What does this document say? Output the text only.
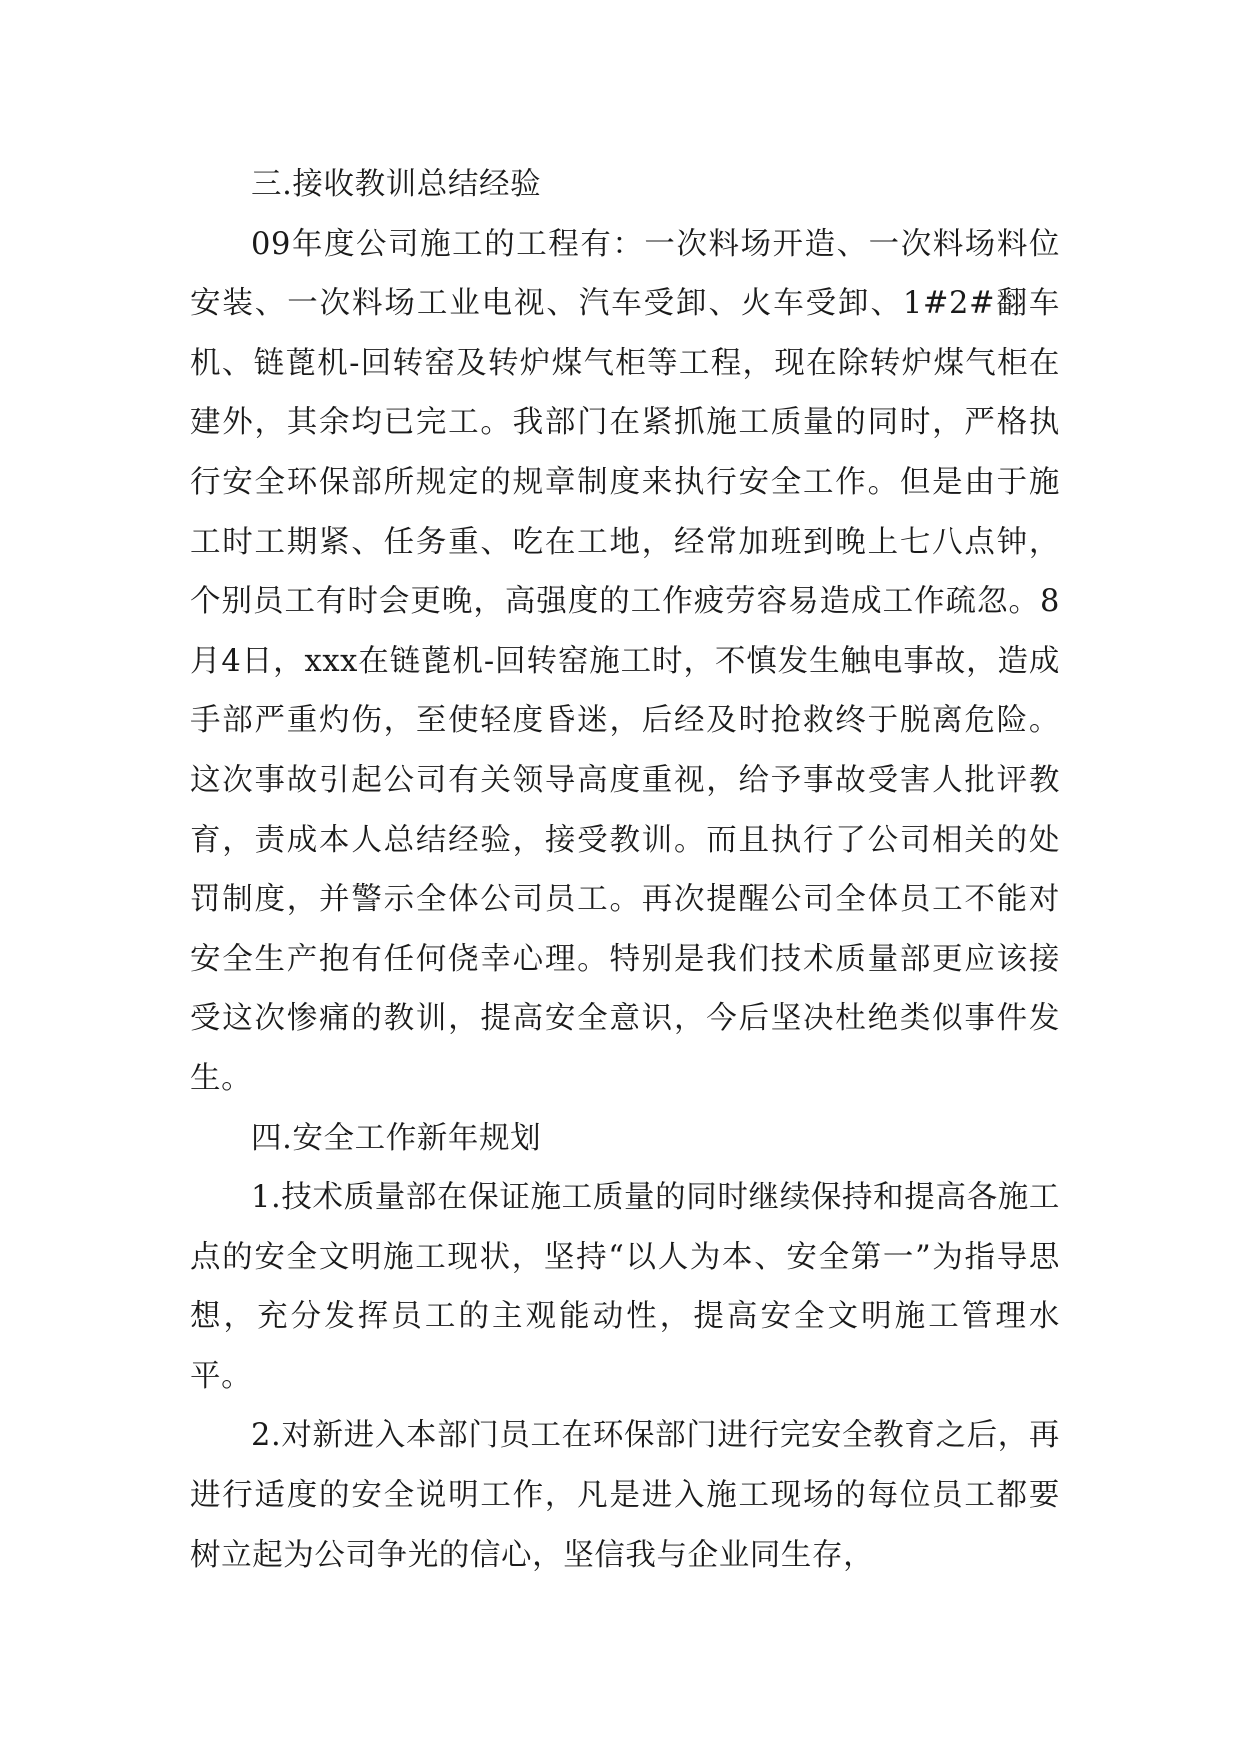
三.接收教训总结经验

09年度公司施工的工程有：一次料场开造、一次料场料位安装、一次料场工业电视、汽车受卸、火车受卸、1#2#翻车机、链蓖机-回转窑及转炉煤气柜等工程，现在除转炉煤气柜在建外，其余均已完工。我部门在紧抓施工质量的同时，严格执行安全环保部所规定的规章制度来执行安全工作。但是由于施工时工期紧、任务重、吃在工地，经常加班到晚上七八点钟，个别员工有时会更晚，高强度的工作疲劳容易造成工作疏忽。8月4日，xxx在链蓖机-回转窑施工时，不慎发生触电事故，造成手部严重灼伤，至使轻度昏迷，后经及时抢救终于脱离危险。这次事故引起公司有关领导高度重视，给予事故受害人批评教育，责成本人总结经验，接受教训。而且执行了公司相关的处罚制度，并警示全体公司员工。再次提醒公司全体员工不能对安全生产抱有任何侥幸心理。特别是我们技术质量部更应该接受这次惨痛的教训，提高安全意识，今后坚决杜绝类似事件发生。

四.安全工作新年规划

1.技术质量部在保证施工质量的同时继续保持和提高各施工点的安全文明施工现状，坚持“以人为本、安全第一”为指导思想，充分发挥员工的主观能动性，提高安全文明施工管理水平。

2.对新进入本部门员工在环保部门进行完安全教育之后，再进行适度的安全说明工作，凡是进入施工现场的每位员工都要树立起为公司争光的信心，坚信我与企业同生存，
